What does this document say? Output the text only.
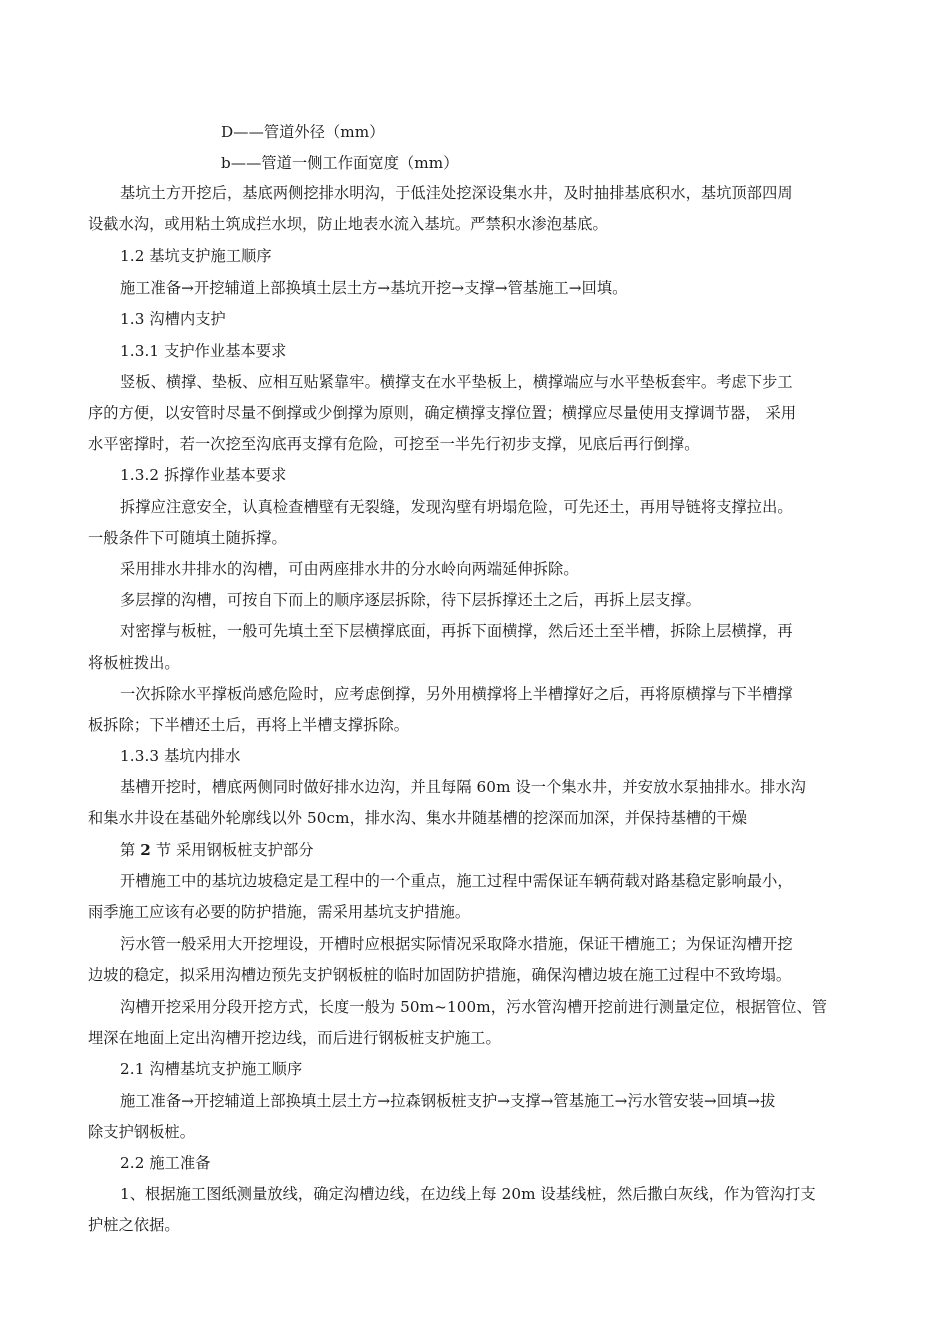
D——管道外径（mm）
b——管道一侧工作面宽度（mm）
基坑土方开挖后，基底两侧挖排水明沟，于低洼处挖深设集水井，及时抽排基底积水，基坑顶部四周
设截水沟，或用粘土筑成拦水坝，防止地表水流入基坑。严禁积水渗泡基底。
1.2 基坑支护施工顺序
施工准备→开挖辅道上部换填土层土方→基坑开挖→支撑→管基施工→回填。
1.3 沟槽内支护
1.3.1 支护作业基本要求
竖板、横撑、垫板、应相互贴紧靠牢。横撑支在水平垫板上，横撑端应与水平垫板套牢。考虑下步工
序的方便，以安管时尽量不倒撑或少倒撑为原则，确定横撑支撑位置；横撑应尽量使用支撑调节器， 采用
水平密撑时，若一次挖至沟底再支撑有危险，可挖至一半先行初步支撑，见底后再行倒撑。
1.3.2 拆撑作业基本要求
拆撑应注意安全，认真检查槽壁有无裂缝，发现沟壁有坍塌危险，可先还土，再用导链将支撑拉出。
一般条件下可随填土随拆撑。
采用排水井排水的沟槽，可由两座排水井的分水岭向两端延伸拆除。
多层撑的沟槽，可按自下而上的顺序逐层拆除，待下层拆撑还土之后，再拆上层支撑。
对密撑与板桩，一般可先填土至下层横撑底面，再拆下面横撑，然后还土至半槽，拆除上层横撑，再
将板桩拨出。
一次拆除水平撑板尚感危险时，应考虑倒撑，另外用横撑将上半槽撑好之后，再将原横撑与下半槽撑
板拆除；下半槽还土后，再将上半槽支撑拆除。
1.3.3 基坑内排水
基槽开挖时，槽底两侧同时做好排水边沟，并且每隔 60m 设一个集水井，并安放水泵抽排水。排水沟
和集水井设在基础外轮廓线以外 50cm，排水沟、集水井随基槽的挖深而加深，并保持基槽的干燥
第 2 节 采用钢板桩支护部分
开槽施工中的基坑边坡稳定是工程中的一个重点，施工过程中需保证车辆荷载对路基稳定影响最小，
雨季施工应该有必要的防护措施，需采用基坑支护措施。
污水管一般采用大开挖埋设，开槽时应根据实际情况采取降水措施，保证干槽施工；为保证沟槽开挖
边坡的稳定，拟采用沟槽边预先支护钢板桩的临时加固防护措施，确保沟槽边坡在施工过程中不致垮塌。
沟槽开挖采用分段开挖方式，长度一般为 50m~100m，污水管沟槽开挖前进行测量定位，根据管位、管
埋深在地面上定出沟槽开挖边线，而后进行钢板桩支护施工。
2.1 沟槽基坑支护施工顺序
施工准备→开挖辅道上部换填土层土方→拉森钢板桩支护→支撑→管基施工→污水管安装→回填→拔
除支护钢板桩。
2.2 施工准备
1、根据施工图纸测量放线，确定沟槽边线，在边线上每 20m 设基线桩，然后撒白灰线，作为管沟打支
护桩之依据。
